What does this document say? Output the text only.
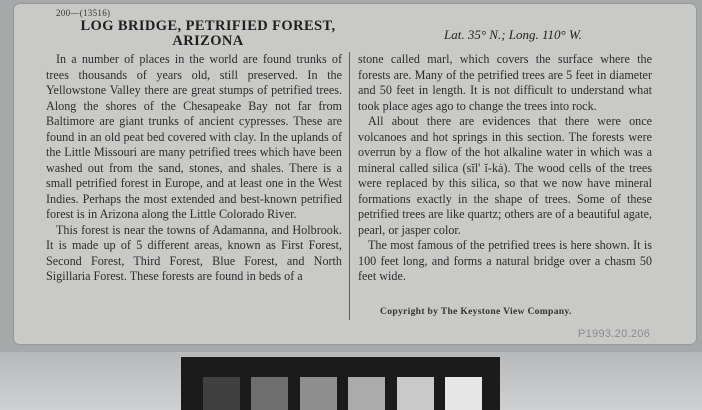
200—(13516)
LOG BRIDGE, PETRIFIED FOREST,
ARIZONA	Lat. 35° N.; Long. 110° W.

In a number of places in the world are found trunks of trees thousands of years old, still preserved. In the Yellowstone Valley there are great stumps of petrified trees. Along the shores of the Chesapeake Bay not far from Baltimore are giant trunks of ancient cypresses. These are found in an old peat bed covered with clay. In the uplands of the Little Missouri are many petrified trees which have been washed out from the sand, stones, and shales. There is a small petrified forest in Europe, and at least one in the West Indies. Perhaps the most extended and best-known petrified forest is in Arizona along the Little Colorado River.

This forest is near the towns of Adamanna, and Holbrook. It is made up of 5 different areas, known as First Forest, Second Forest, Third Forest, Blue Forest, and North Sigillaria Forest. These forests are found in beds of a

stone called marl, which covers the surface where the forests are. Many of the petrified trees are 5 feet in diameter and 50 feet in length. It is not difficult to understand what took place ages ago to change the trees into rock.

All about there are evidences that there were once volcanoes and hot springs in this section. The forests were overrun by a flow of the hot alkaline water in which was a mineral called silica (sĭl' ĭ-kȧ). The wood cells of the trees were replaced by this silica, so that we now have mineral formations exactly in the shape of trees. Some of these petrified trees are like quartz; others are of a beautiful agate, pearl, or jasper color.

The most famous of the petrified trees is here shown. It is 100 feet long, and forms a natural bridge over a chasm 50 feet wide.

Copyright by The Keystone View Company.
P1993.20.206
